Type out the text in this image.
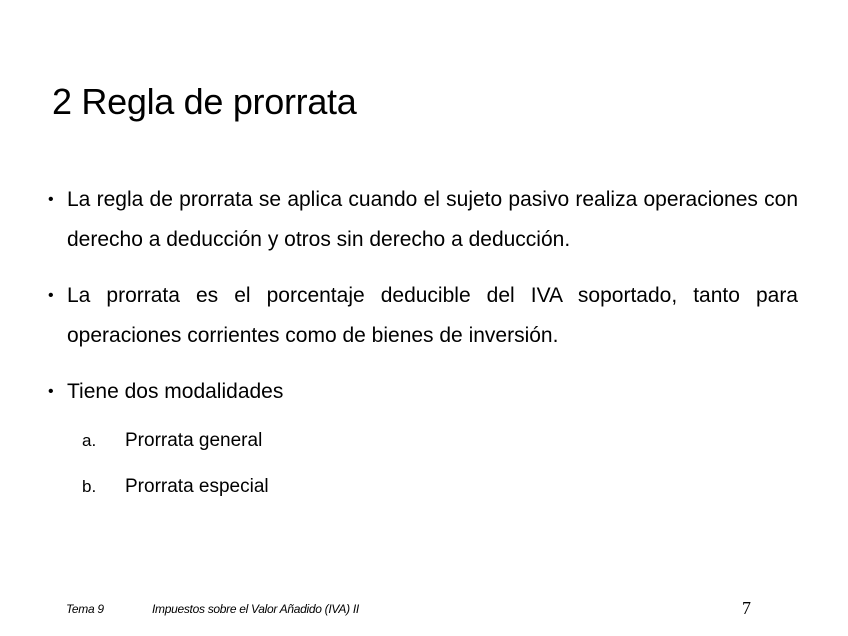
2 Regla de prorrata
• La regla de prorrata se aplica cuando el sujeto pasivo realiza operaciones con derecho a deducción y otros sin derecho a deducción.
• La prorrata es el porcentaje deducible del IVA soportado, tanto para operaciones corrientes como de bienes de inversión.
• Tiene dos modalidades
a. Prorrata general
b. Prorrata especial
Tema 9	Impuestos sobre el Valor Añadido (IVA) II	7
